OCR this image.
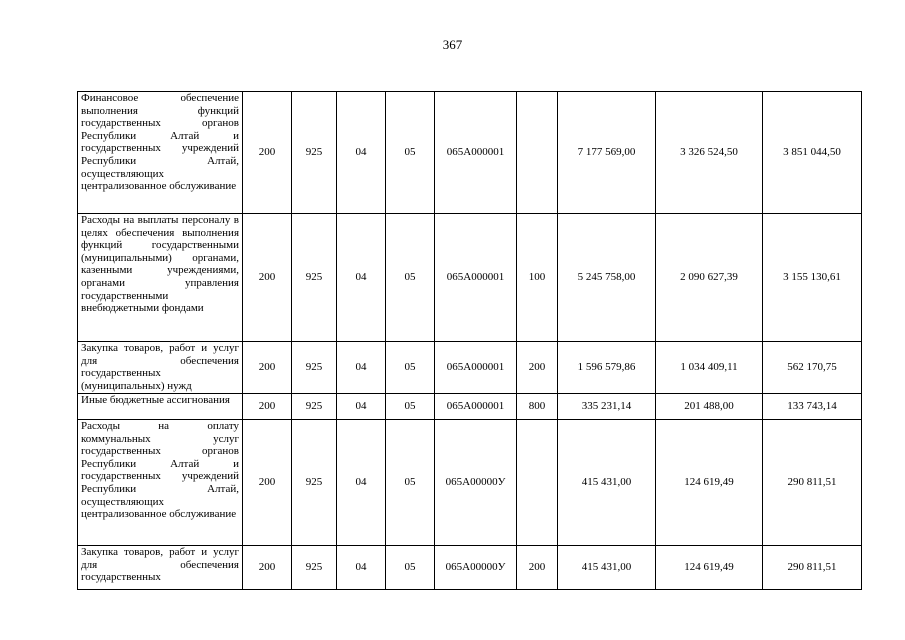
367
Финансовое обеспечение выполнения функций государственных органов Республики Алтай и государственных учреждений Республики Алтай, осуществляющих централизованное обслуживание	200	925	04	05	065А000001		7 177 569,00	3 326 524,50	3 851 044,50
Расходы на выплаты персоналу в целях обеспечения выполнения функций государственными (муниципальными) органами, казенными учреждениями, органами управления государственными внебюджетными фондами	200	925	04	05	065А000001	100	5 245 758,00	2 090 627,39	3 155 130,61
Закупка товаров, работ и услуг для обеспечения государственных (муниципальных) нужд	200	925	04	05	065А000001	200	1 596 579,86	1 034 409,11	562 170,75
Иные бюджетные ассигнования	200	925	04	05	065А000001	800	335 231,14	201 488,00	133 743,14
Расходы на оплату коммунальных услуг государственных органов Республики Алтай и государственных учреждений Республики Алтай, осуществляющих централизованное обслуживание	200	925	04	05	065А00000У		415 431,00	124 619,49	290 811,51
Закупка товаров, работ и услуг для обеспечения государственных	200	925	04	05	065А00000У	200	415 431,00	124 619,49	290 811,51
